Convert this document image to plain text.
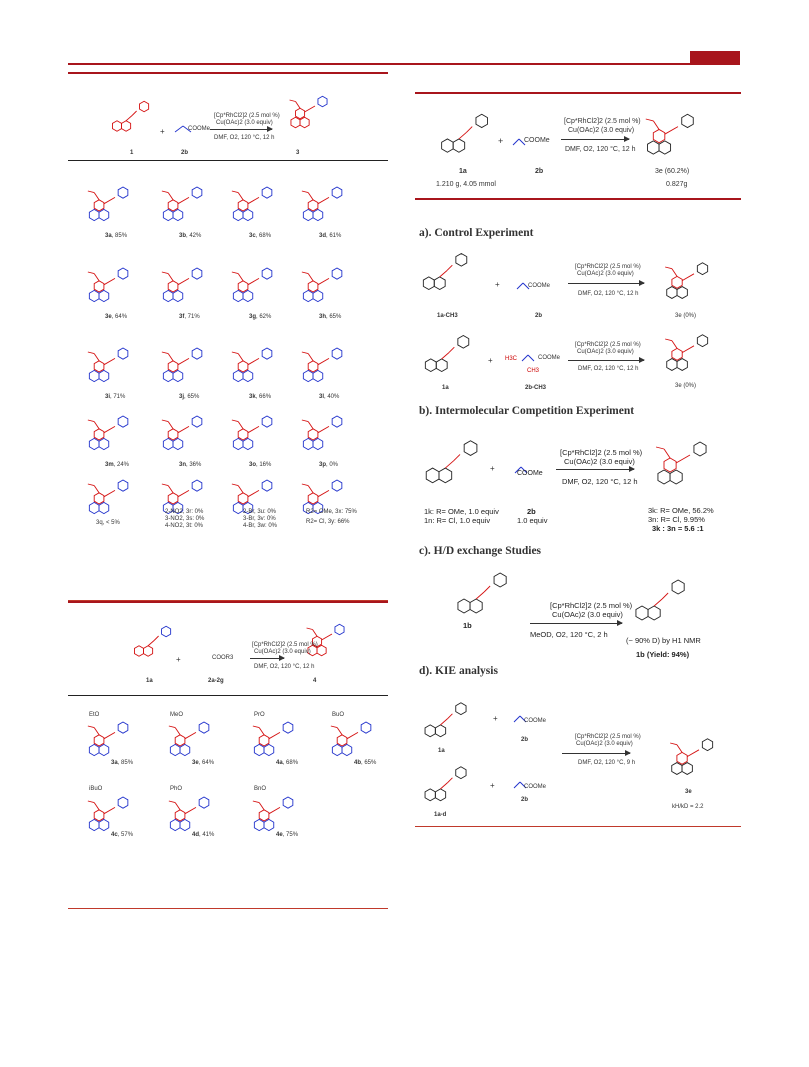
a). Control Experiment
b). Intermolecular Competition Experiment
c). H/D exchange Studies
d). KIE analysis
[Cp*RhCl2]2 (2.5 mol %)
Cu(OAc)2 (3.0 equiv)
DMF, O2, 120 °C, 12 h
+	COOMe
1	2b	3
[Cp*RhCl2]2 (2.5 mol %)
Cu(OAc)2 (3.0 equiv)
DMF, O2, 120 °C, 12 h
+	COOR3
1a	2a-2g	4
[Cp*RhCl2]2 (2.5 mol %)
Cu(OAc)2 (3.0 equiv)
DMF, O2, 120 °C, 12 h
+	COOMe
1a	2b	3e (60.2%)
1.210 g, 4.05 mmol	0.827g
[Cp*RhCl2]2 (2.5 mol %)
Cu(OAc)2 (3.0 equiv)
DMF, O2, 120 °C, 12 h
+	COOMe
1a-CH3	2b	3e (0%)
[Cp*RhCl2]2 (2.5 mol %)
Cu(OAc)2 (3.0 equiv)
DMF, O2, 120 °C, 12 h
+	COOMe
H3C
CH3
1a	2b-CH3	3e (0%)
[Cp*RhCl2]2 (2.5 mol %)
Cu(OAc)2 (3.0 equiv)
DMF, O2, 120 °C, 12 h
+
COOMe
1k: R= OMe, 1.0 equiv
1n: R= Cl, 1.0 equiv
2b
1.0 equiv
3k: R= OMe, 56.2%
3n: R= Cl, 9.95%
3k : 3n = 5.6 :1
[Cp*RhCl2]2 (2.5 mol %)
Cu(OAc)2 (3.0 equiv)
MeOD, O2, 120 °C, 2 h
1b
(~ 90% D) by H1 NMR
1b (Yield: 94%)
[Cp*RhCl2]2 (2.5 mol %)
Cu(OAc)2 (3.0 equiv)
DMF, O2, 120 °C, 9 h
+
+
COOMe
COOMe
1a
2b
1a-d
2b
3e
kH/kD = 2.2
3a, 85%	3b, 42%	3c, 68%	3d, 61%
3e, 64%	3f, 71%	3g, 62%	3h, 65%
3i, 71%	3j, 65%	3k, 66%	3l, 40%
3m, 24%	3n, 36%	3o, 16%	3p, 0%
3a, 85%
EtO
3e, 64%
MeO
4a, 68%
PrO
4b, 65%
BuO
4c, 57%
iBuO
4d, 41%
PhO
4e, 75%
BnO
3q, < 5%
2-NO2, 3r: 0%
3-NO2, 3s: 0%
4-NO2, 3t: 0%
2-Br, 3u: 0%
3-Br, 3v: 0%
4-Br, 3w: 0%
R2= OMe, 3x: 75%
R2= Cl, 3y: 66%
